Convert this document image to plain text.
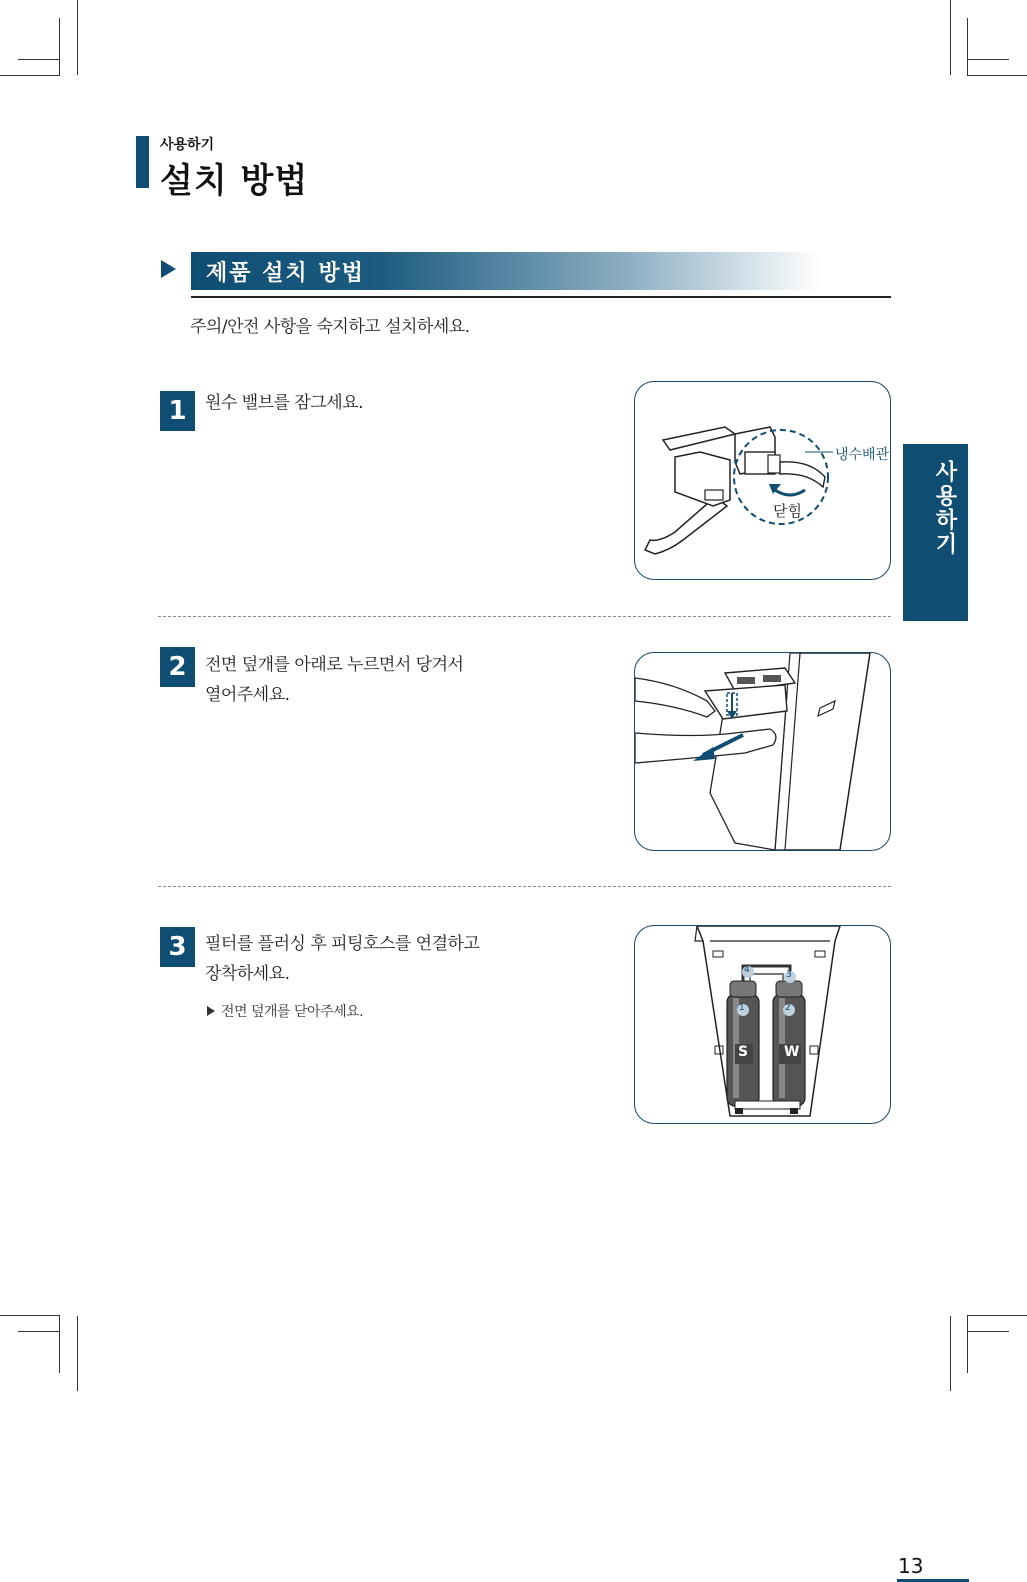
사용하기
설치 방법
제품 설치 방법
주의/안전 사항을 숙지하고 설치하세요.
1	원수 밸브를 잠그세요.
냉수배관
닫힘
2	전면 덮개를 아래로 누르면서 당겨서
열어주세요.
3	필터를 플러싱 후 피팅호스를 연결하고
장착하세요.
전면 덮개를 닫아주세요.
S	W
1	2
3
4
사용하기
13
